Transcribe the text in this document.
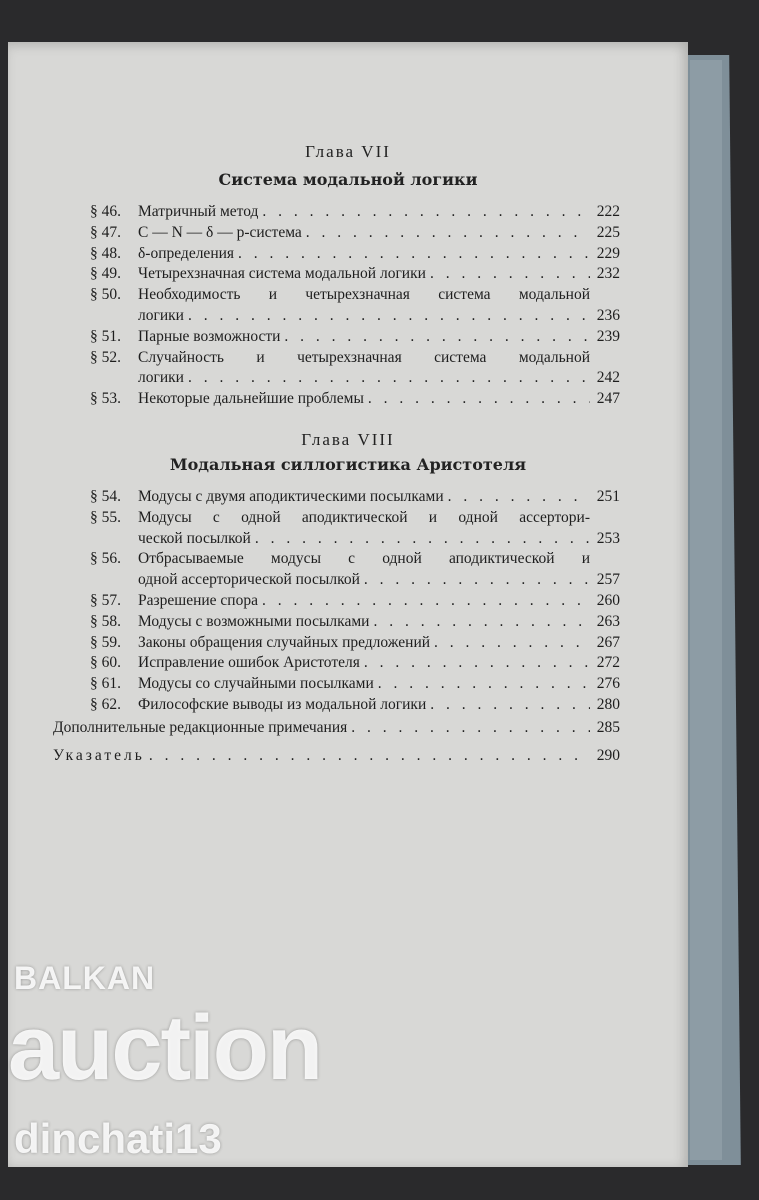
Глава VII
Система модальной логики
§ 46.	Матричный метод . . .	222
§ 47.	C — N — δ — p-система . . .	225
§ 48.	δ-определения . . .	229
§ 49.	Четырехзначная система модальной логики . . .	232
§ 50.	Необходимость и четырехзначная система модальной
логики . . .	236
§ 51.	Парные возможности . . .	239
§ 52.	Случайность и четырехзначная система модальной
логики . . .	242
§ 53.	Некоторые дальнейшие проблемы . . .	247
Глава VIII
Модальная силлогистика Аристотеля
§ 54.	Модусы с двумя аподиктическими посылками . . .	251
§ 55.	Модусы с одной аподиктической и одной ассертори-
ческой посылкой . . .	253
§ 56.	Отбрасываемые модусы с одной аподиктической и
одной ассерторической посылкой . . .	257
§ 57.	Разрешение спора . . .	260
§ 58.	Модусы с возможными посылками . . .	263
§ 59.	Законы обращения случайных предложений . . .	267
§ 60.	Исправление ошибок Аристотеля . . .	272
§ 61.	Модусы со случайными посылками . . .	276
§ 62.	Философские выводы из модальной логики . . .	280
Дополнительные редакционные примечания . . .	285
Указатель . . .	290
BALKAN
auction
dinchati13
